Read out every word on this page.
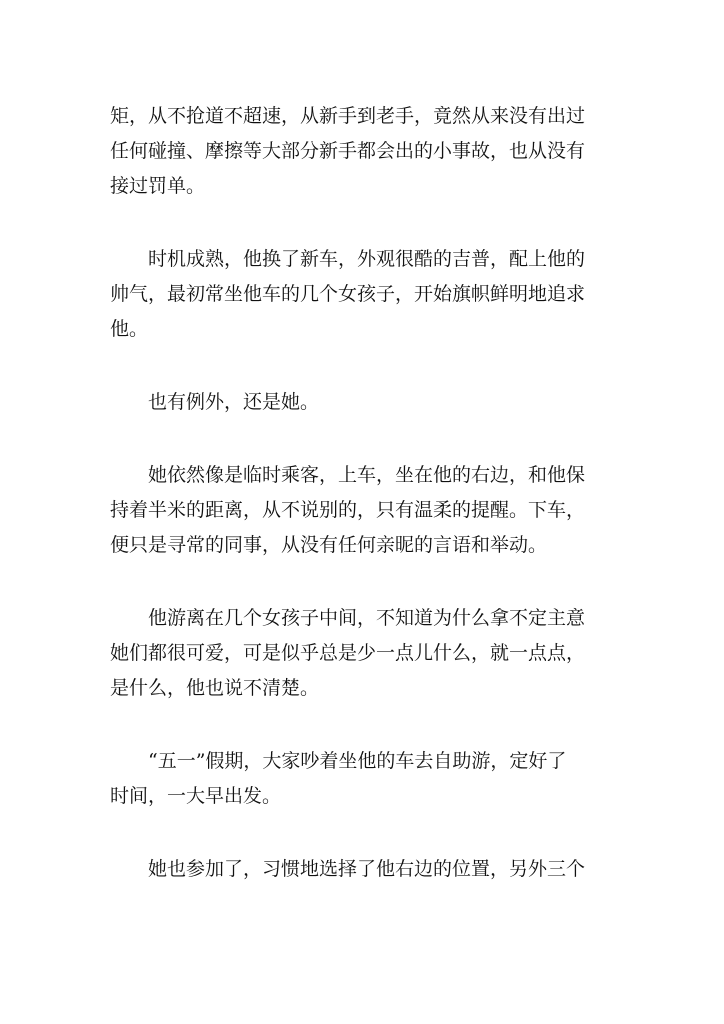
矩，从不抢道不超速，从新手到老手，竟然从来没有出过
任何碰撞、摩擦等大部分新手都会出的小事故，也从没有
接过罚单。

时机成熟，他换了新车，外观很酷的吉普，配上他的
帅气，最初常坐他车的几个女孩子，开始旗帜鲜明地追求
他。

也有例外，还是她。

她依然像是临时乘客，上车，坐在他的右边，和他保
持着半米的距离，从不说别的，只有温柔的提醒。下车，
便只是寻常的同事，从没有任何亲昵的言语和举动。

他游离在几个女孩子中间，不知道为什么拿不定主意
她们都很可爱，可是似乎总是少一点儿什么，就一点点，
是什么，他也说不清楚。

“五一”假期，大家吵着坐他的车去自助游，定好了
时间，一大早出发。

她也参加了，习惯地选择了他右边的位置，另外三个
